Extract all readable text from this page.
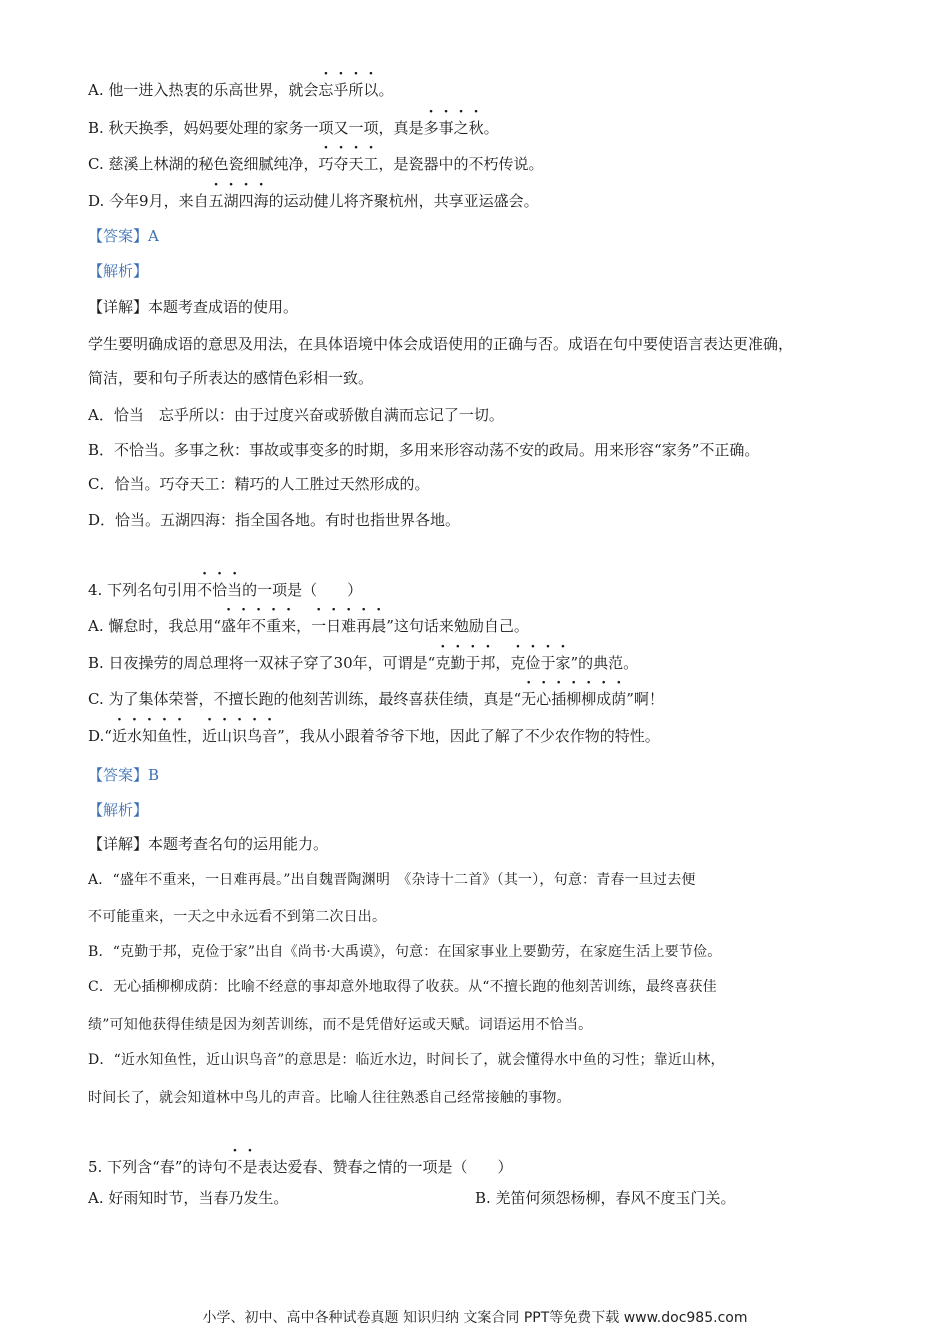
A. 他一进入热衷的乐高世界，就会忘乎所以。
B. 秋天换季，妈妈要处理的家务一项又一项，真是多事之秋。
C. 慈溪上林湖的秘色瓷细腻纯净，巧夺天工，是瓷器中的不朽传说。
D. 今年9月，来自五湖四海的运动健儿将齐聚杭州，共享亚运盛会。
【答案】A
【解析】
【详解】本题考查成语的使用。
学生要明确成语的意思及用法，在具体语境中体会成语使用的正确与否。成语在句中要使语言表达更准确，
简洁，要和句子所表达的感情色彩相一致。
A．恰当　忘乎所以：由于过度兴奋或骄傲自满而忘记了一切。
B．不恰当。多事之秋：事故或事变多的时期，多用来形容动荡不安的政局。用来形容“家务”不正确。
C．恰当。巧夺天工：精巧的人工胜过天然形成的。
D．恰当。五湖四海：指全国各地。有时也指世界各地。
4. 下列名句引用不恰当的一项是（　　）
A. 懈怠时，我总用“盛年不重来，一日难再晨”这句话来勉励自己。
B. 日夜操劳的周总理将一双袜子穿了30年，可谓是“克勤于邦，克俭于家”的典范。
C. 为了集体荣誉，不擅长跑的他刻苦训练，最终喜获佳绩，真是“无心插柳柳成荫”啊！
D.“近水知鱼性，近山识鸟音”，我从小跟着爷爷下地，因此了解了不少农作物的特性。
【答案】B
【解析】
【详解】本题考查名句的运用能力。
A．“盛年不重来，一日难再晨。”出自魏晋陶渊明　《杂诗十二首》（其一），句意：青春一旦过去便
不可能重来，一天之中永远看不到第二次日出。
B．“克勤于邦，克俭于家”出自《尚书·大禹谟》，句意：在国家事业上要勤劳，在家庭生活上要节俭。
C．无心插柳柳成荫：比喻不经意的事却意外地取得了收获。从“不擅长跑的他刻苦训练，最终喜获佳
绩”可知他获得佳绩是因为刻苦训练，而不是凭借好运或天赋。词语运用不恰当。
D．“近水知鱼性，近山识鸟音”的意思是：临近水边，时间长了，就会懂得水中鱼的习性；靠近山林，
时间长了，就会知道林中鸟儿的声音。比喻人往往熟悉自己经常接触的事物。
5. 下列含“春”的诗句不是表达爱春、赞春之情的一项是（　　）
A. 好雨知时节，当春乃发生。	B. 羌笛何须怨杨柳，春风不度玉门关。
小学、初中、高中各种试卷真题 知识归纳 文案合同 PPT等免费下载 www.doc985.com
